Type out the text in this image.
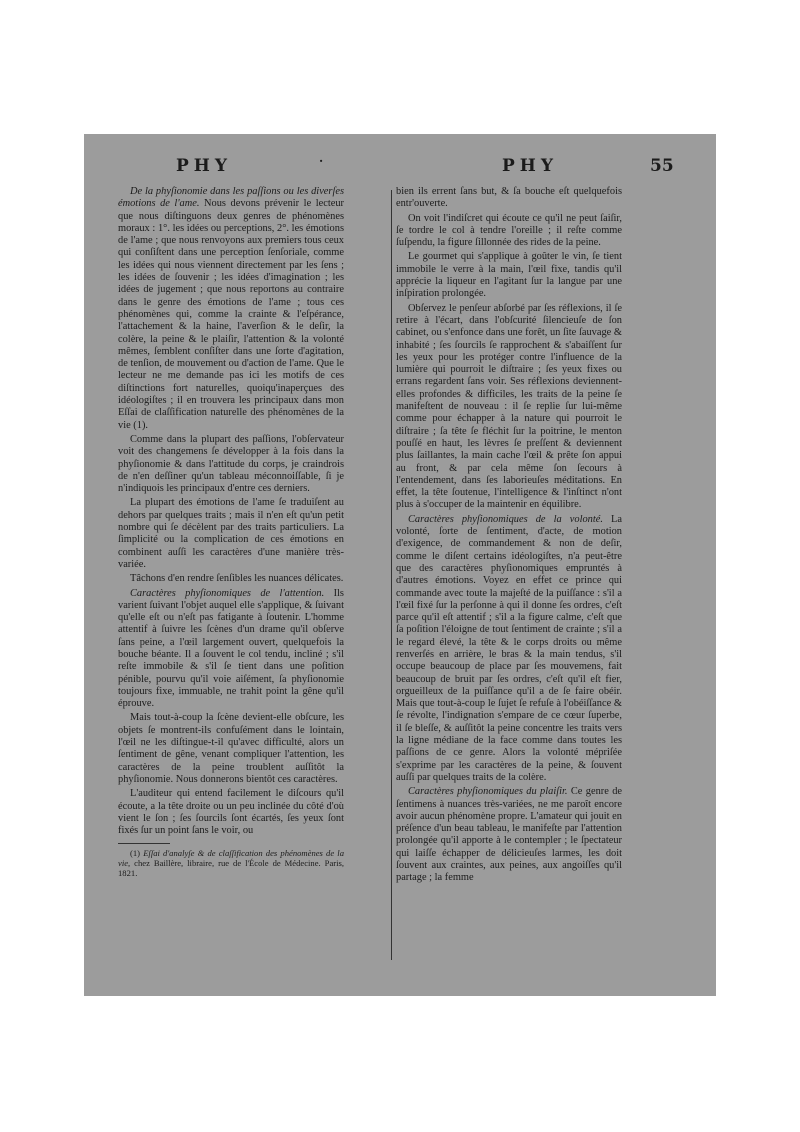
PHY	·	PHY	55

De la phyſionomie dans les paſſions ou les diverſes émotions de l'ame. Nous devons prévenir le lecteur que nous diſtinguons deux genres de phénomènes moraux : 1°. les idées ou perceptions, 2°. les émotions de l'ame ; que nous renvoyons aux premiers tous ceux qui conſiſtent dans une perception ſenſoriale, comme les idées qui nous viennent directement par les ſens ; les idées de ſouvenir ; les idées d'imagination ; les idées de jugement ; que nous reportons au contraire dans le genre des émotions de l'ame ; tous ces phénomènes qui, comme la crainte & l'eſpérance, l'attachement & la haine, l'averſion & le deſir, la colère, la peine & le plaiſir, l'attention & la volonté mêmes, ſemblent conſiſter dans une ſorte d'agitation, de tenſion, de mouvement ou d'action de l'ame. Que le lecteur ne me demande pas ici les motifs de ces diſtinctions fort naturelles, quoiqu'inaperçues des idéologiſtes ; il en trouvera les principaux dans mon Eſſai de claſſification naturelle des phénomènes de la vie (1).

Comme dans la plupart des paſſions, l'obſervateur voit des changemens ſe développer à la fois dans la phyſionomie & dans l'attitude du corps, je craindrois de n'en deſſiner qu'un tableau méconnoiſſable, ſi je n'indiquois les principaux d'entre ces derniers.

La plupart des émotions de l'ame ſe traduiſent au dehors par quelques traits ; mais il n'en eſt qu'un petit nombre qui ſe décèlent par des traits particuliers. La ſimplicité ou la complication de ces émotions en combinent auſſi les caractères d'une manière très-variée.

Tâchons d'en rendre ſenſibles les nuances délicates.

Caractères phyſionomiques de l'attention. Ils varient ſuivant l'objet auquel elle s'applique, & ſuivant qu'elle eſt ou n'eſt pas fatigante à ſoutenir. L'homme attentif à ſuivre les ſcènes d'un drame qu'il obſerve ſans peine, a l'œil largement ouvert, quelquefois la bouche béante. Il a ſouvent le col tendu, incliné ; s'il reſte immobile & s'il ſe tient dans une poſition pénible, pourvu qu'il voie aiſément, ſa phyſionomie toujours fixe, immuable, ne trahit point la gêne qu'il éprouve.

Mais tout-à-coup la ſcène devient-elle obſcure, les objets ſe montrent-ils confuſément dans le lointain, l'œil ne les diſtingue-t-il qu'avec difficulté, alors un ſentiment de gêne, venant compliquer l'attention, les caractères de la peine troublent auſſitôt la phyſionomie. Nous donnerons bientôt ces caractères.

L'auditeur qui entend facilement le diſcours qu'il écoute, a la tête droite ou un peu inclinée du côté d'où vient le ſon ; ſes ſourcils ſont écartés, ſes yeux ſont fixés ſur un point ſans le voir, ou

(1) Eſſai d'analyſe & de claſſification des phénomènes de la vie, chez Baillère, libraire, rue de l'École de Médecine. Paris, 1821.

bien ils errent ſans but, & ſa bouche eſt quelquefois entr'ouverte.

On voit l'indiſcret qui écoute ce qu'il ne peut ſaiſir, ſe tordre le col à tendre l'oreille ; il reſte comme ſuſpendu, la figure ſillonnée des rides de la peine.

Le gourmet qui s'applique à goûter le vin, ſe tient immobile le verre à la main, l'œil fixe, tandis qu'il apprécie la liqueur en l'agitant ſur la langue par une inſpiration prolongée.

Obſervez le penſeur abſorbé par ſes réflexions, il ſe retire à l'écart, dans l'obſcurité ſilencieuſe de ſon cabinet, ou s'enfonce dans une forêt, un ſite ſauvage & inhabité ; ſes ſourcils ſe rapprochent & s'abaiſſent ſur les yeux pour les protéger contre l'influence de la lumière qui pourroit le diſtraire ; ſes yeux fixes ou errans regardent ſans voir. Ses réflexions deviennent-elles profondes & difficiles, les traits de la peine ſe manifeſtent de nouveau : il ſe replie ſur lui-même comme pour échapper à la nature qui pourroit le diſtraire ; ſa tête ſe fléchit ſur la poitrine, le menton pouſſé en haut, les lèvres ſe preſſent & deviennent plus ſaillantes, la main cache l'œil & prête ſon appui au front, & par cela même ſon ſecours à l'entendement, dans ſes laborieuſes méditations. En effet, la tête ſoutenue, l'intelligence & l'inſtinct n'ont plus à s'occuper de la maintenir en équilibre.

Caractères phyſionomiques de la volonté. La volonté, ſorte de ſentiment, d'acte, de motion d'exigence, de commandement & non de deſir, comme le diſent certains idéologiſtes, n'a peut-être que des caractères phyſionomiques empruntés à d'autres émotions. Voyez en effet ce prince qui commande avec toute la majeſté de la puiſſance : s'il a l'œil fixé ſur la perſonne à qui il donne ſes ordres, c'eſt parce qu'il eſt attentif ; s'il a la figure calme, c'eſt que ſa poſition l'éloigne de tout ſentiment de crainte ; s'il a le regard élevé, la tête & le corps droits ou même renverſés en arrière, le bras & la main tendus, s'il occupe beaucoup de place par ſes mouvemens, fait beaucoup de bruit par ſes ordres, c'eſt qu'il eſt fier, orgueilleux de la puiſſance qu'il a de ſe faire obéir. Mais que tout-à-coup le ſujet ſe refuſe à l'obéiſſance & ſe révolte, l'indignation s'empare de ce cœur ſuperbe, il ſe bleſſe, & auſſitôt la peine concentre les traits vers la ligne médiane de la face comme dans toutes les paſſions de ce genre. Alors la volonté mépriſée s'exprime par les caractères de la peine, & ſouvent auſſi par quelques traits de la colère.

Caractères phyſionomiques du plaiſir. Ce genre de ſentimens à nuances très-variées, ne me paroît encore avoir aucun phénomène propre. L'amateur qui jouit en préſence d'un beau tableau, le manifeſte par l'attention prolongée qu'il apporte à le contempler ; le ſpectateur qui laiſſe échapper de délicieuſes larmes, les doit ſouvent aux craintes, aux peines, aux angoiſſes qu'il partage ; la femme
